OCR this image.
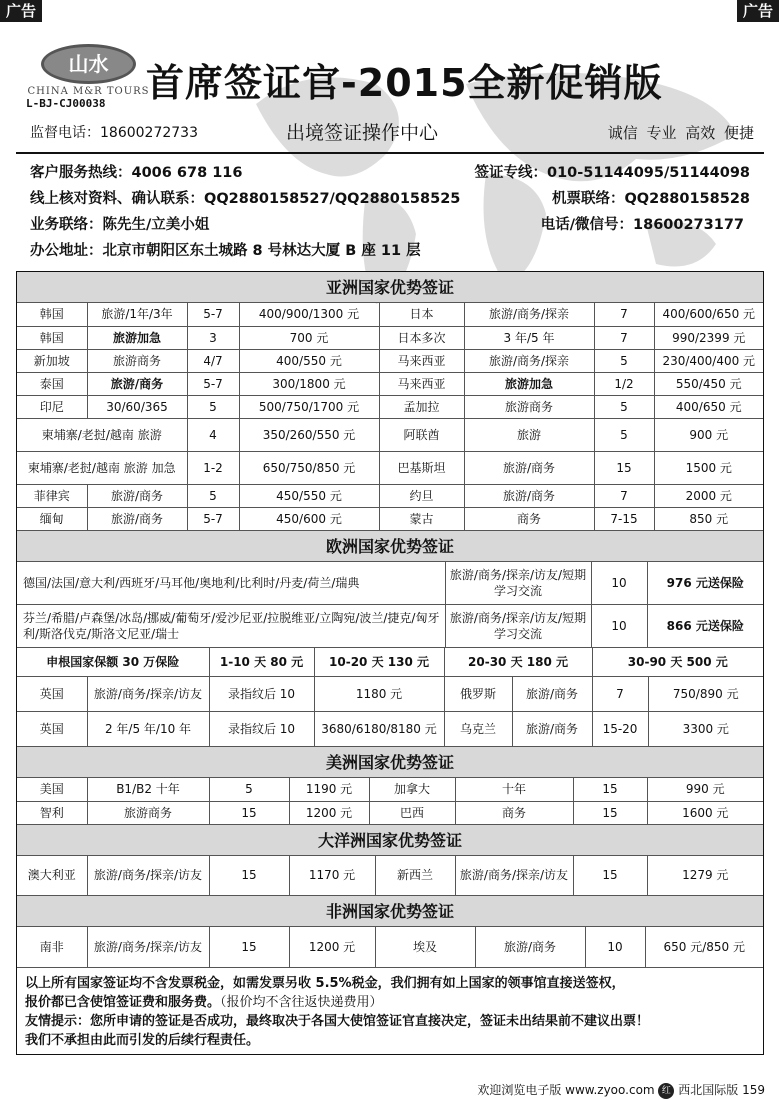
广告	广告
山水
CHINA M&R TOURS
L-BJ-CJ00038
监督电话：18600272733
首席签证官-2015全新促销版
出境签证操作中心	诚信 专业 高效 便捷
客户服务热线：4006 678 116	签证专线：010-51144095/51144098
线上核对资料、确认联系：QQ2880158527/QQ2880158525	机票联络：QQ2880158528
业务联络：陈先生/立美小姐	电话/微信号：18600273177
办公地址：北京市朝阳区东土城路 8 号林达大厦 B 座 11 层
亚洲国家优势签证
韩国	旅游/1年/3年	5-7	400/900/1300 元	日本	旅游/商务/探亲	7	400/600/650 元
韩国	旅游加急	3	700 元	日本多次	3 年/5 年	7	990/2399 元
新加坡	旅游商务	4/7	400/550 元	马来西亚	旅游/商务/探亲	5	230/400/400 元
泰国	旅游/商务	5-7	300/1800 元	马来西亚	旅游加急	1/2	550/450 元
印尼	30/60/365	5	500/750/1700 元	孟加拉	旅游商务	5	400/650 元
柬埔寨/老挝/越南 旅游		4	350/260/550 元	阿联酋	旅游	5	900 元
柬埔寨/老挝/越南 旅游 加急		1-2	650/750/850 元	巴基斯坦	旅游/商务	15	1500 元
菲律宾	旅游/商务	5	450/550 元	约旦	旅游/商务	7	2000 元
缅甸	旅游/商务	5-7	450/600 元	蒙古	商务	7-15	850 元
欧洲国家优势签证
德国/法国/意大利/西班牙/马耳他/奥地利/比利时/丹麦/荷兰/瑞典	旅游/商务/探亲/访友/短期学习交流	10	976 元送保险
芬兰/希腊/卢森堡/冰岛/挪威/葡萄牙/爱沙尼亚/拉脱维亚/立陶宛/波兰/捷克/匈牙利/斯洛伐克/斯洛文尼亚/瑞士	旅游/商务/探亲/访友/短期学习交流	10	866 元送保险
申根国家保额 30 万保险	1-10 天 80 元	10-20 天 130 元	20-30 天 180 元	30-90 天 500 元
英国	旅游/商务/探亲/访友	录指纹后 10	1180 元	俄罗斯	旅游/商务	7	750/890 元
英国	2 年/5 年/10 年	录指纹后 10	3680/6180/8180 元	乌克兰	旅游/商务	15-20	3300 元
美洲国家优势签证
美国	B1/B2 十年	5	1190 元	加拿大	十年	15	990 元
智利	旅游商务	15	1200 元	巴西	商务	15	1600 元
大洋洲国家优势签证
澳大利亚	旅游/商务/探亲/访友	15	1170 元	新西兰	旅游/商务/探亲/访友	15	1279 元
非洲国家优势签证
南非	旅游/商务/探亲/访友	15	1200 元	埃及	旅游/商务	10	650 元/850 元
以上所有国家签证均不含发票税金，如需发票另收 5.5%税金，我们拥有如上国家的领事馆直接送签权，
报价都已含使馆签证费和服务费。（报价均不含往返快递费用）
友情提示：您所申请的签证是否成功，最终取决于各国大使馆签证官直接决定，签证未出结果前不建议出票！
我们不承担由此而引发的后续行程责任。
欢迎浏览电子版 www.zyoo.com 红 西北国际版 159
